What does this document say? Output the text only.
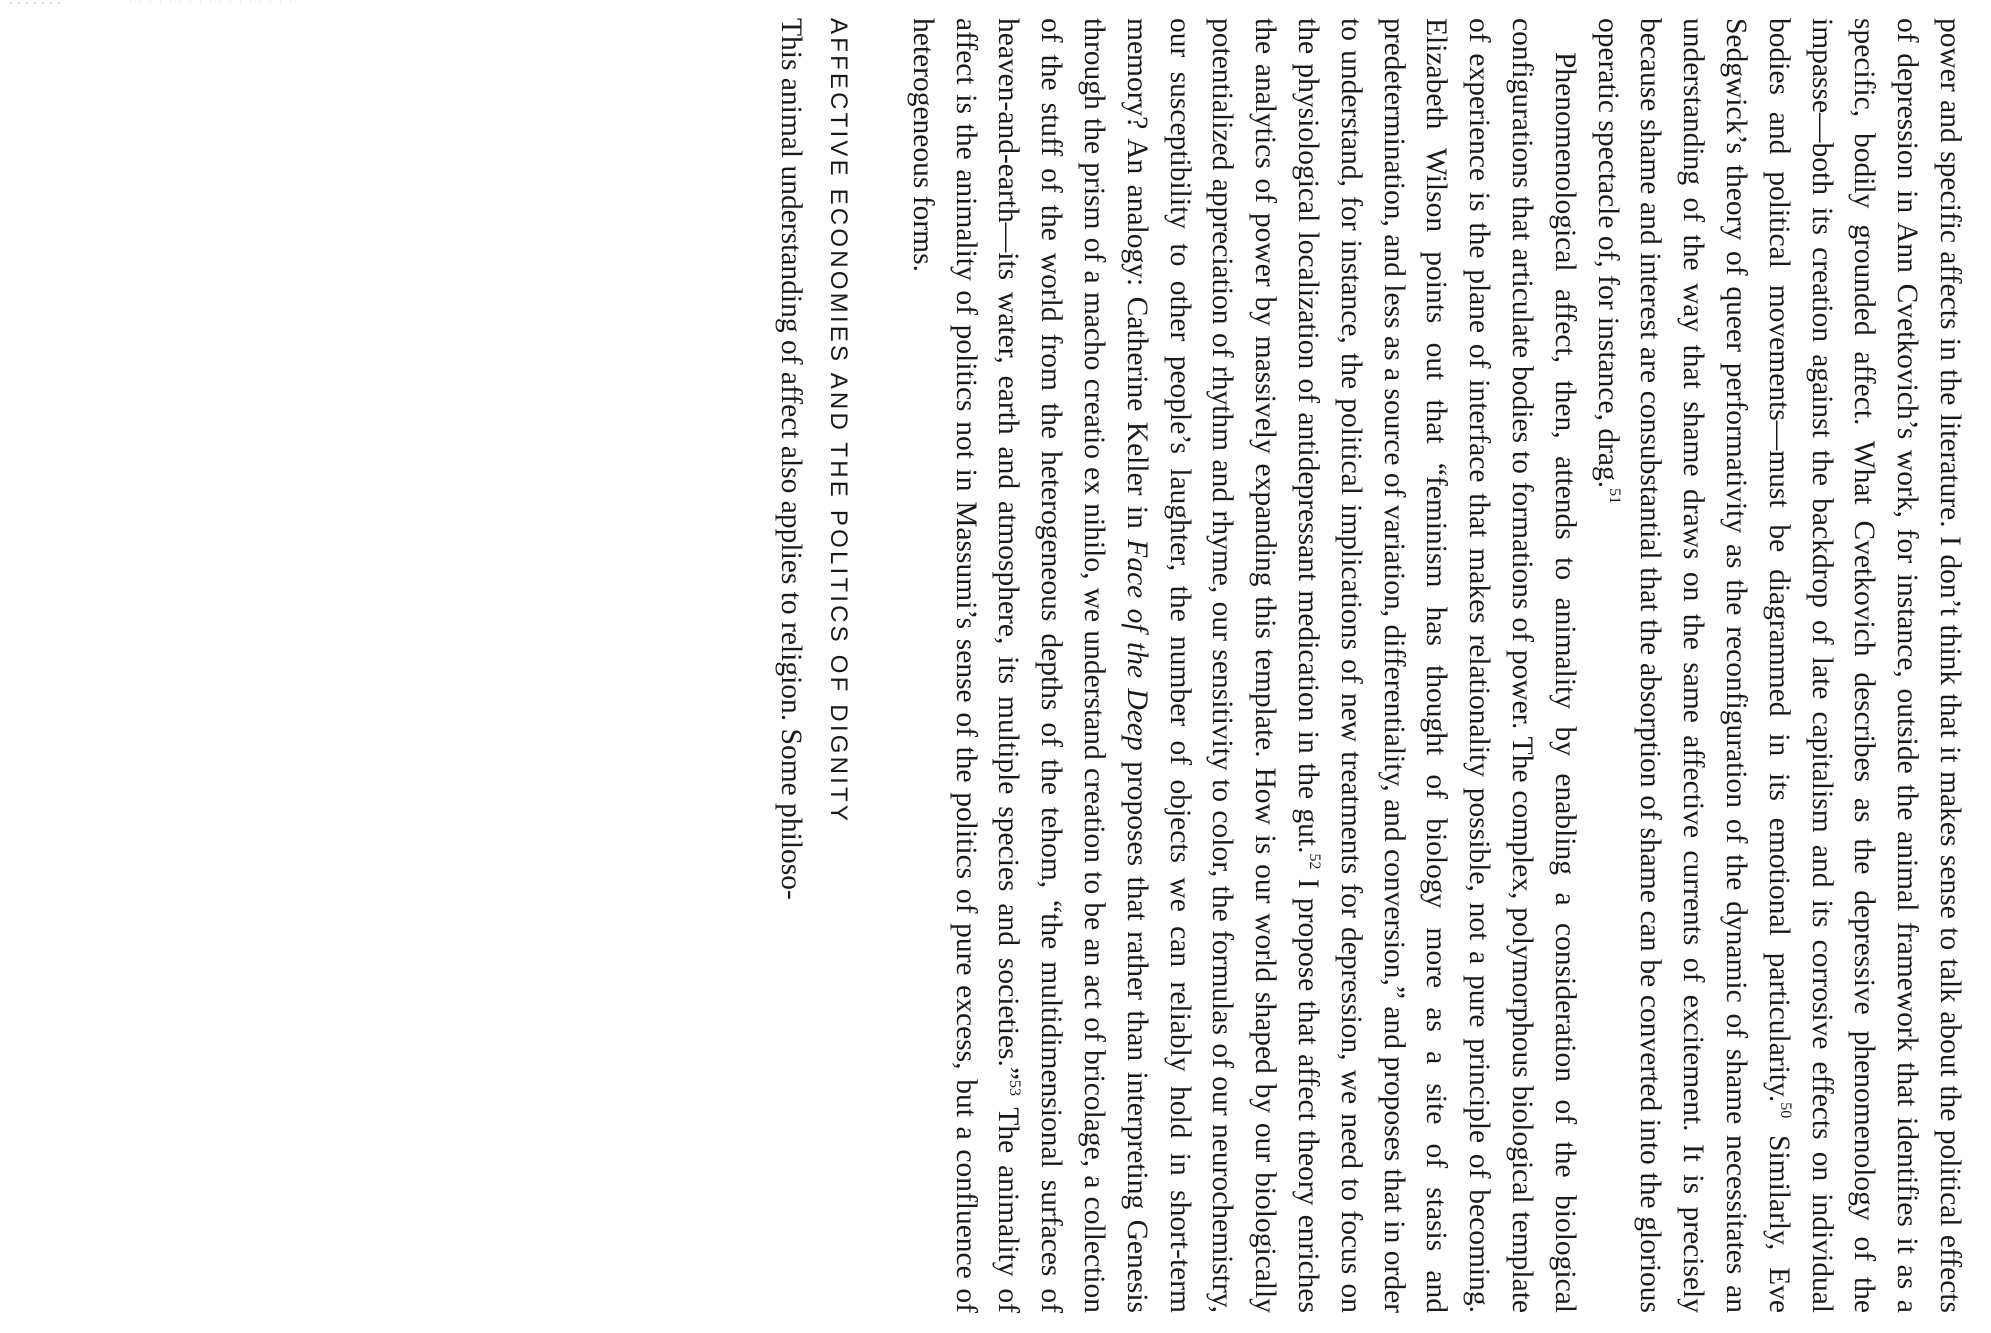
power and specific affects in the literature. I don’t think that it makes sense to talk about the political effects of depression in Ann Cvetkovich’s work, for instance, outside the animal framework that identifies it as a specific, bodily grounded affect. What Cvetkovich describes as the depressive phenomenology of the impasse—both its creation against the backdrop of late capitalism and its corrosive effects on individual bodies and political movements—must be diagrammed in its emotional particularity.$^{50}$ Similarly, Eve Sedgwick’s theory of queer performativity as the reconfiguration of the dynamic of shame necessitates an understanding of the way that shame draws on the same affective currents of excitement. It is precisely because shame and interest are consubstantial that the absorption of shame can be converted into the glorious operatic spectacle of, for instance, drag.$^{51}$

Phenomenological affect, then, attends to animality by enabling a consideration of the biological configurations that articulate bodies to formations of power. The complex, polymorphous biological template of experience is the plane of interface that makes relationality possible, not a pure principle of becoming. Elizabeth Wilson points out that “feminism has thought of biology more as a site of stasis and predetermination, and less as a source of variation, differentiality, and conversion,” and proposes that in order to understand, for instance, the political implications of new treatments for depression, we need to focus on the physiological localization of antidepressant medication in the gut.$^{52}$ I propose that affect theory enriches the analytics of power by massively expanding this template. How is our world shaped by our biologically potentialized appreciation of rhythm and rhyme, our sensitivity to color, the formulas of our neurochemistry, our susceptibility to other people’s laughter, the number of objects we can reliably hold in short-term memory? An analogy: Catherine Keller in Face of the Deep proposes that rather than interpreting Genesis through the prism of a macho creatio ex nihilo, we understand creation to be an act of bricolage, a collection of the stuff of the world from the heterogeneous depths of the tehom, “the multidimensional surfaces of heaven-and-earth—its water, earth and atmosphere, its multiple species and societies.”$^{53}$ The animality of affect is the animality of politics not in Massumi’s sense of the politics of pure excess, but a confluence of heterogeneous forms.

AFFECTIVE ECONOMIES AND THE POLITICS OF DIGNITY

This animal understanding of affect also applies to religion. Some philoso-
